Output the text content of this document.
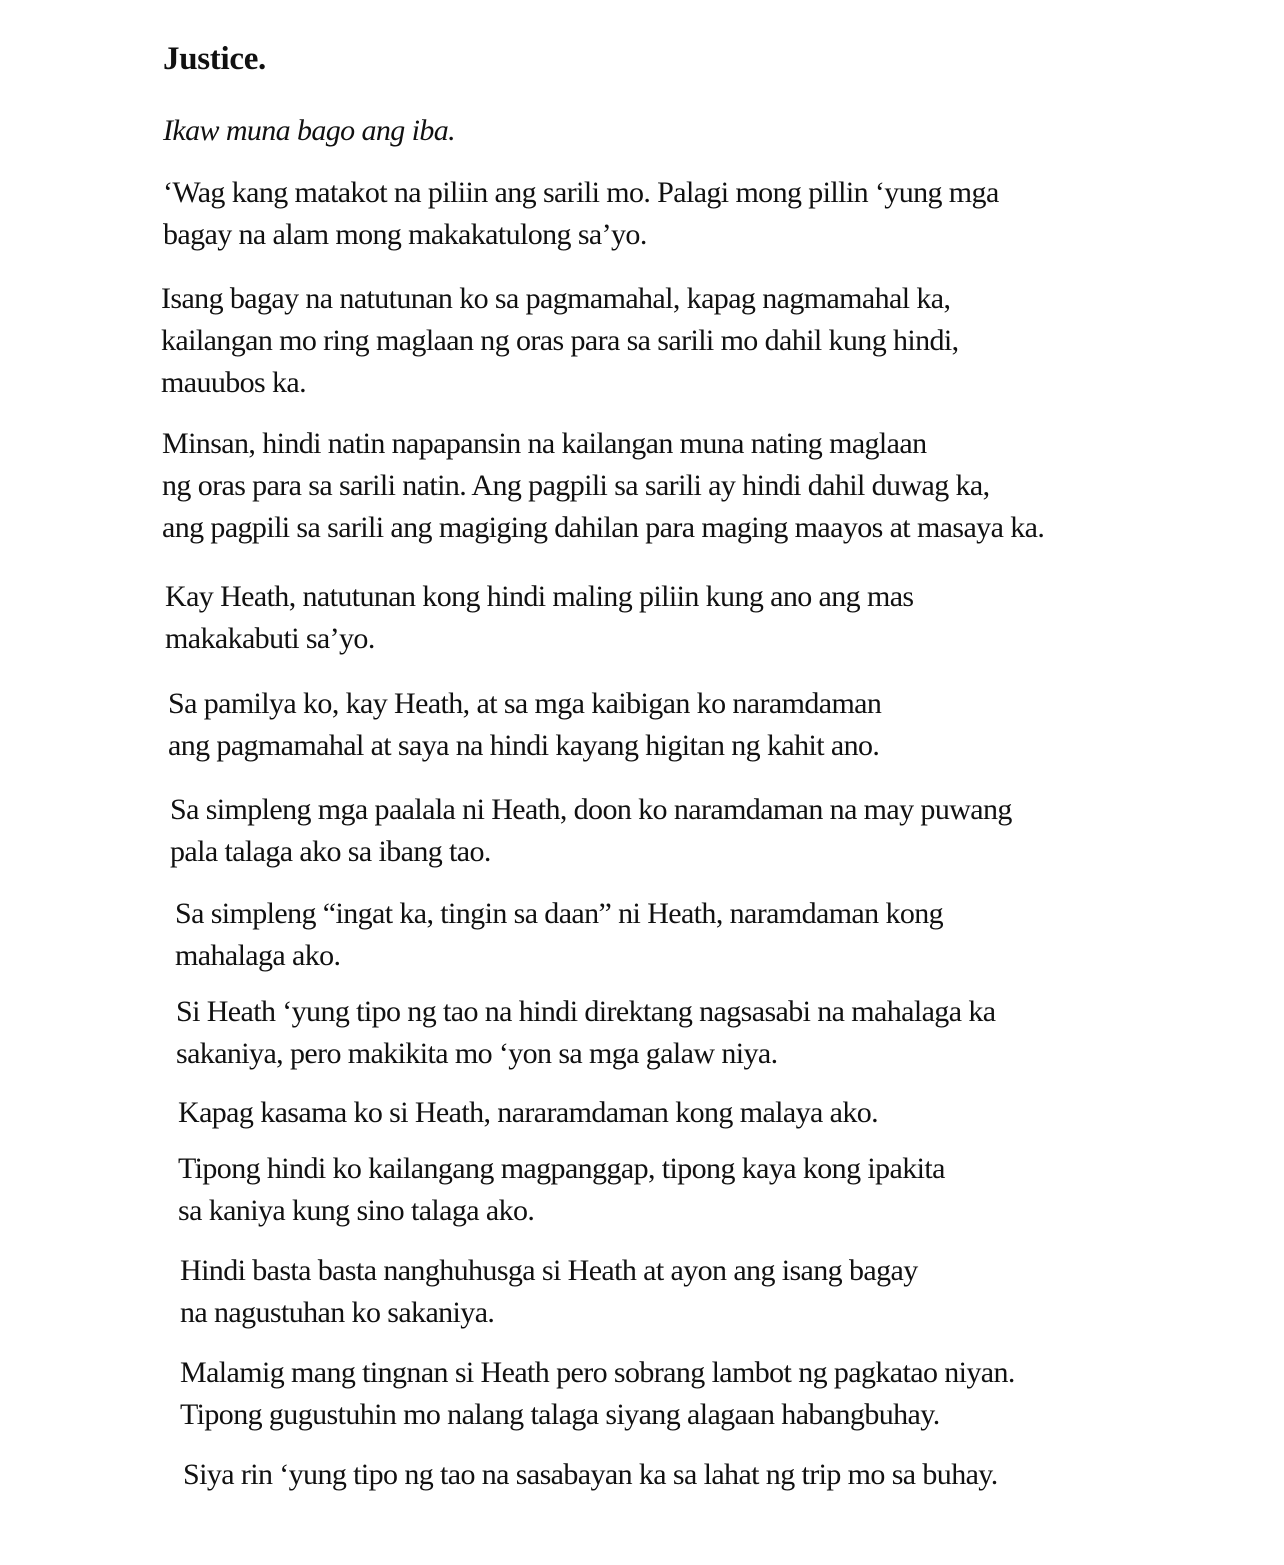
Justice.

Ikaw muna bago ang iba.

‘Wag kang matakot na piliin ang sarili mo. Palagi mong pillin ‘yung mga
bagay na alam mong makakatulong sa’yo.

Isang bagay na natutunan ko sa pagmamahal, kapag nagmamahal ka,
kailangan mo ring maglaan ng oras para sa sarili mo dahil kung hindi,
mauubos ka.

Minsan, hindi natin napapansin na kailangan muna nating maglaan
ng oras para sa sarili natin. Ang pagpili sa sarili ay hindi dahil duwag ka,
ang pagpili sa sarili ang magiging dahilan para maging maayos at masaya ka.

Kay Heath, natutunan kong hindi maling piliin kung ano ang mas
makakabuti sa’yo.

Sa pamilya ko, kay Heath, at sa mga kaibigan ko naramdaman
ang pagmamahal at saya na hindi kayang higitan ng kahit ano.

Sa simpleng mga paalala ni Heath, doon ko naramdaman na may puwang
pala talaga ako sa ibang tao.

Sa simpleng “ingat ka, tingin sa daan” ni Heath, naramdaman kong
mahalaga ako.

Si Heath ‘yung tipo ng tao na hindi direktang nagsasabi na mahalaga ka
sakaniya, pero makikita mo ‘yon sa mga galaw niya.

Kapag kasama ko si Heath, nararamdaman kong malaya ako.

Tipong hindi ko kailangang magpanggap, tipong kaya kong ipakita
sa kaniya kung sino talaga ako.

Hindi basta basta nanghuhusga si Heath at ayon ang isang bagay
na nagustuhan ko sakaniya.

Malamig mang tingnan si Heath pero sobrang lambot ng pagkatao niyan.
Tipong gugustuhin mo nalang talaga siyang alagaan habangbuhay.

Siya rin ‘yung tipo ng tao na sasabayan ka sa lahat ng trip mo sa buhay.
